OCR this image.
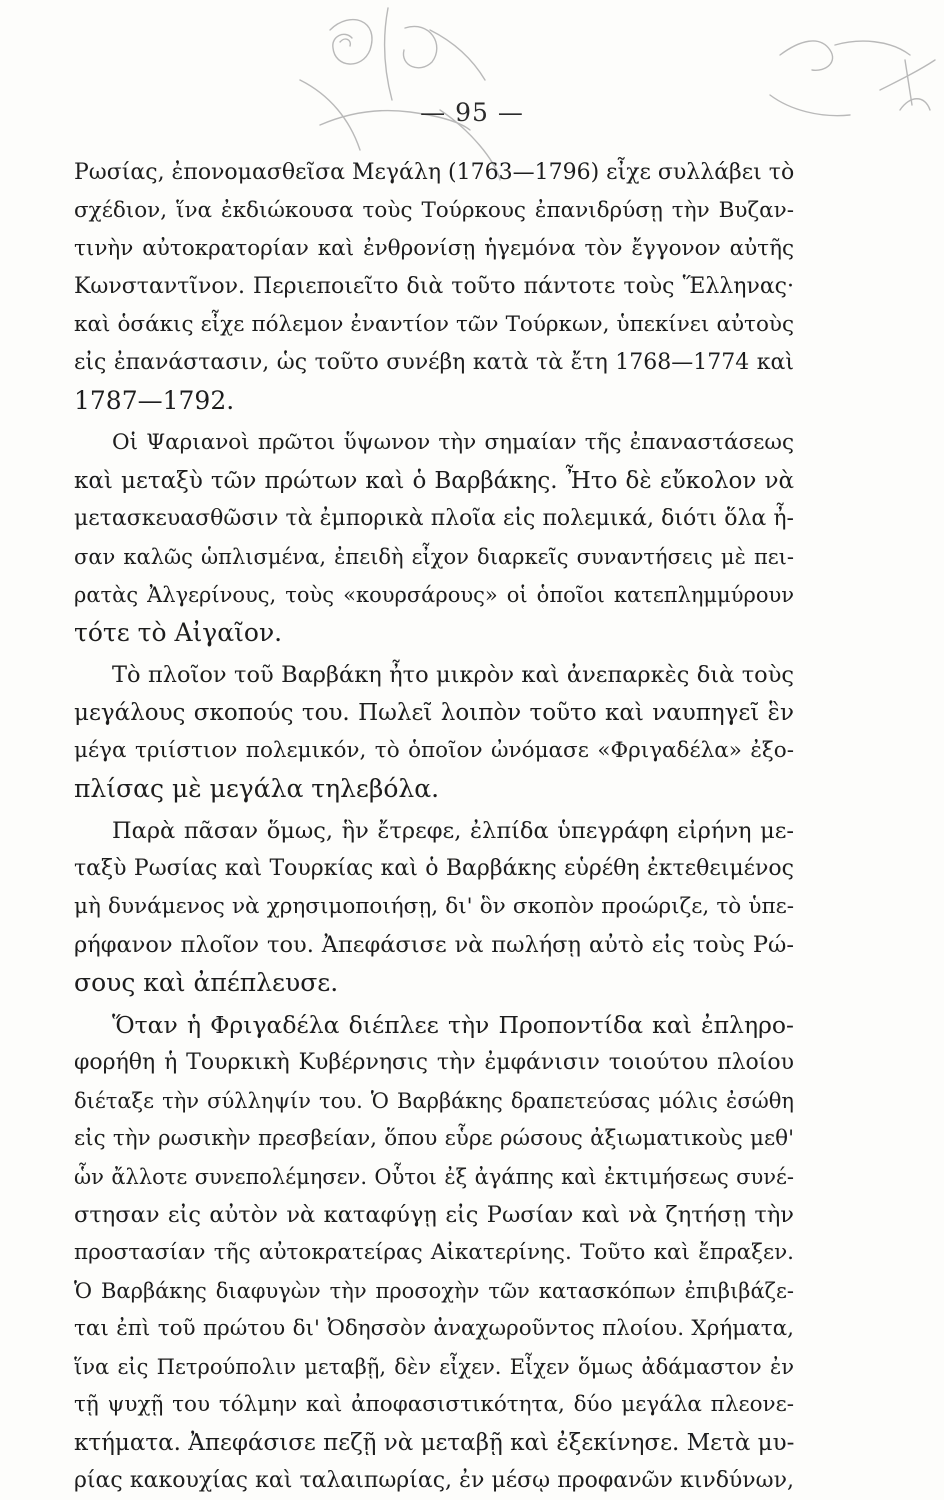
— 95 —
Ρωσίας, ἐπονομασθεῖσα Μεγάλη (1763—1796) εἶχε συλλάβει τὸ
σχέδιον, ἵνα ἐκδιώκουσα τοὺς Τούρκους ἐπανιδρύσῃ τὴν Βυζαν-
τινὴν αὐτοκρατορίαν καὶ ἐνθρονίσῃ ἡγεμόνα τὸν ἔγγονον αὐτῆς
Κωνσταντῖνον. Περιεποιεῖτο διὰ τοῦτο πάντοτε τοὺς Ἕλληνας·
καὶ ὁσάκις εἶχε πόλεμον ἐναντίον τῶν Τούρκων, ὑπεκίνει αὐτοὺς
εἰς ἐπανάστασιν, ὡς τοῦτο συνέβη κατὰ τὰ ἔτη 1768—1774 καὶ
1787—1792.
Οἱ Ψαριανοὶ πρῶτοι ὕψωνον τὴν σημαίαν τῆς ἐπαναστάσεως
καὶ μεταξὺ τῶν πρώτων καὶ ὁ Βαρβάκης. Ἦτο δὲ εὔκολον νὰ
μετασκευασθῶσιν τὰ ἐμπορικὰ πλοῖα εἰς πολεμικά, διότι ὅλα ἦ-
σαν καλῶς ὡπλισμένα, ἐπειδὴ εἶχον διαρκεῖς συναντήσεις μὲ πει-
ρατὰς Ἀλγερίνους, τοὺς «κουρσάρους» οἱ ὁποῖοι κατεπλημμύρουν
τότε τὸ Αἰγαῖον.
Τὸ πλοῖον τοῦ Βαρβάκη ἦτο μικρὸν καὶ ἀνεπαρκὲς διὰ τοὺς
μεγάλους σκοπούς του. Πωλεῖ λοιπὸν τοῦτο καὶ ναυπηγεῖ ἓν
μέγα τριίστιον πολεμικόν, τὸ ὁποῖον ὠνόμασε «Φριγαδέλα» ἐξο-
πλίσας μὲ μεγάλα τηλεβόλα.
Παρὰ πᾶσαν ὅμως, ἣν ἔτρεφε, ἐλπίδα ὑπεγράφη εἰρήνη με-
ταξὺ Ρωσίας καὶ Τουρκίας καὶ ὁ Βαρβάκης εὑρέθη ἐκτεθειμένος
μὴ δυνάμενος νὰ χρησιμοποιήσῃ, δι' ὃν σκοπὸν προώριζε, τὸ ὑπε-
ρήφανον πλοῖον του. Ἀπεφάσισε νὰ πωλήσῃ αὐτὸ εἰς τοὺς Ρώ-
σους καὶ ἀπέπλευσε.
Ὅταν ἡ Φριγαδέλα διέπλεε τὴν Προποντίδα καὶ ἐπληρο-
φορήθη ἡ Τουρκικὴ Κυβέρνησις τὴν ἐμφάνισιν τοιούτου πλοίου
διέταξε τὴν σύλληψίν του. Ὁ Βαρβάκης δραπετεύσας μόλις ἐσώθη
εἰς τὴν ρωσικὴν πρεσβείαν, ὅπου εὗρε ρώσους ἀξιωματικοὺς μεθ'
ὧν ἄλλοτε συνεπολέμησεν. Οὗτοι ἐξ ἀγάπης καὶ ἐκτιμήσεως συνέ-
στησαν εἰς αὐτὸν νὰ καταφύγῃ εἰς Ρωσίαν καὶ νὰ ζητήσῃ τὴν
προστασίαν τῆς αὐτοκρατείρας Αἰκατερίνης. Τοῦτο καὶ ἔπραξεν.
Ὁ Βαρβάκης διαφυγὼν τὴν προσοχὴν τῶν κατασκόπων ἐπιβιβάζε-
ται ἐπὶ τοῦ πρώτου δι' Ὀδησσὸν ἀναχωροῦντος πλοίου. Χρήματα,
ἵνα εἰς Πετρούπολιν μεταβῇ, δὲν εἶχεν. Εἶχεν ὅμως ἀδάμαστον ἐν
τῇ ψυχῇ του τόλμην καὶ ἀποφασιστικότητα, δύο μεγάλα πλεονε-
κτήματα. Ἀπεφάσισε πεζῇ νὰ μεταβῇ καὶ ἐξεκίνησε. Μετὰ μυ-
ρίας κακουχίας καὶ ταλαιπωρίας, ἐν μέσῳ προφανῶν κινδύνων,
